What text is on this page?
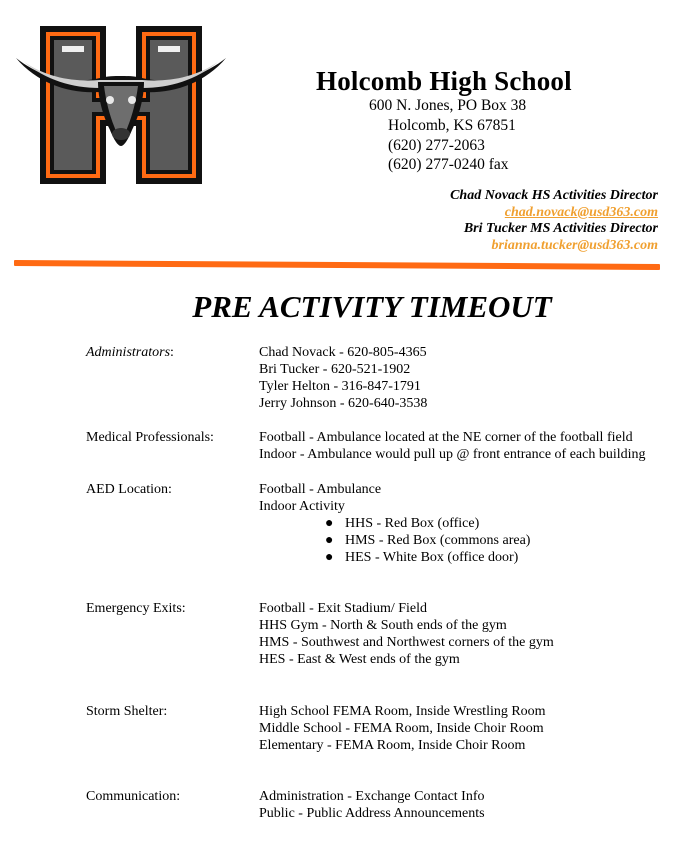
Holcomb High School
600 N. Jones, PO Box 38
Holcomb, KS 67851
(620) 277-2063
(620) 277-0240 fax
Chad Novack HS Activities Director
chad.novack@usd363.com
Bri Tucker MS Activities Director
brianna.tucker@usd363.com
PRE ACTIVITY TIMEOUT
Administrators:	Chad Novack - 620-805-4365
Bri Tucker - 620-521-1902
Tyler Helton - 316-847-1791
Jerry Johnson - 620-640-3538
Medical Professionals:	Football - Ambulance located at the NE corner of the football field
Indoor - Ambulance would pull up @ front entrance of each building
AED Location:	Football - Ambulance
Indoor Activity
● HHS - Red Box (office)
● HMS - Red Box (commons area)
● HES - White Box (office door)
Emergency Exits:	Football - Exit Stadium/ Field
HHS Gym - North & South ends of the gym
HMS - Southwest and Northwest corners of the gym
HES - East & West ends of the gym
Storm Shelter:	High School FEMA Room, Inside Wrestling Room
Middle School - FEMA Room, Inside Choir Room
Elementary - FEMA Room, Inside Choir Room
Communication:	Administration - Exchange Contact Info
Public - Public Address Announcements
